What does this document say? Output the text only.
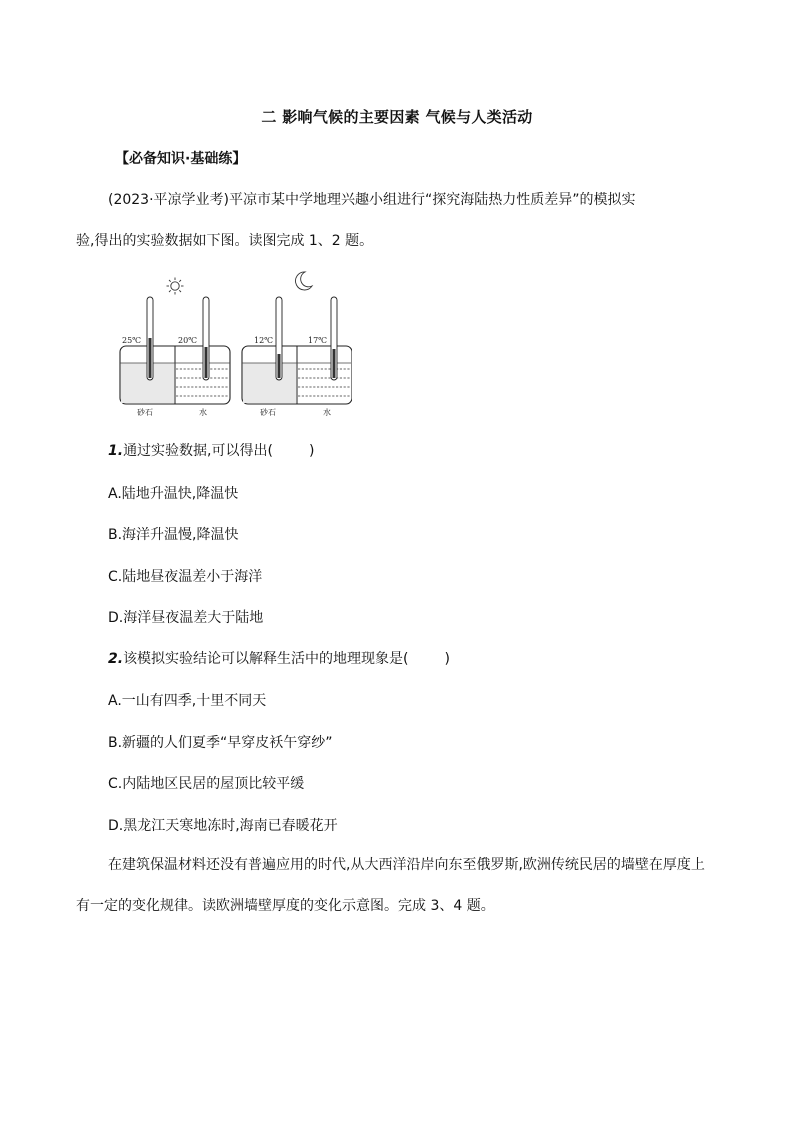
二 影响气候的主要因素 气候与人类活动
【必备知识·基础练】
(2023·平凉学业考)平凉市某中学地理兴趣小组进行“探究海陆热力性质差异”的模拟实
验,得出的实验数据如下图。读图完成 1、2 题。
25℃	20℃
砂石	水
12℃	17℃
砂石	水
1.通过实验数据,可以得出(	)
A.陆地升温快,降温快
B.海洋升温慢,降温快
C.陆地昼夜温差小于海洋
D.海洋昼夜温差大于陆地
2.该模拟实验结论可以解释生活中的地理现象是(	)
A.一山有四季,十里不同天
B.新疆的人们夏季“早穿皮袄午穿纱”
C.内陆地区民居的屋顶比较平缓
D.黑龙江天寒地冻时,海南已春暖花开
在建筑保温材料还没有普遍应用的时代,从大西洋沿岸向东至俄罗斯,欧洲传统民居的墙壁在厚度上有一定的变化规律。读欧洲墙壁厚度的变化示意图。完成 3、4 题。
